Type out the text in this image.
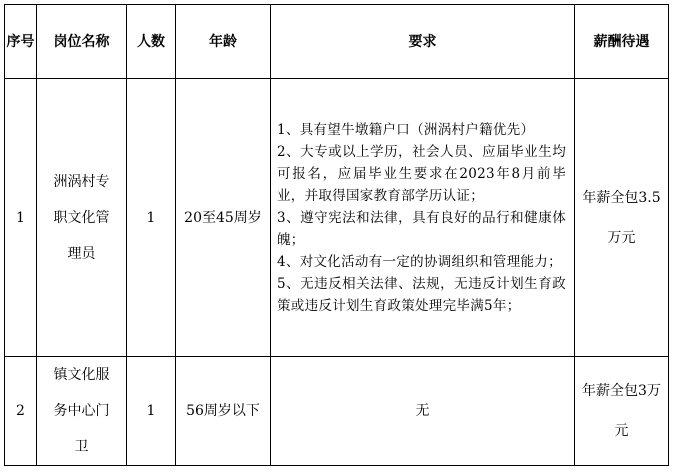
序号	岗位名称	人数	年龄	要求	薪酬待遇
1	洲涡村专职文化管理员	1	20至45周岁	1、具有望牛墩籍户口（洲涡村户籍优先）
2、大专或以上学历，社会人员、应届毕业生均可报名，应届毕业生要求在2023年8月前毕业，并取得国家教育部学历认证；
3、遵守宪法和法律，具有良好的品行和健康体魄；
4、对文化活动有一定的协调组织和管理能力；
5、无违反相关法律、法规，无违反计划生育政策或违反计划生育政策处理完毕满5年；	年薪全包3.5万元
2	镇文化服务中心门卫	1	56周岁以下	无	年薪全包3万元
